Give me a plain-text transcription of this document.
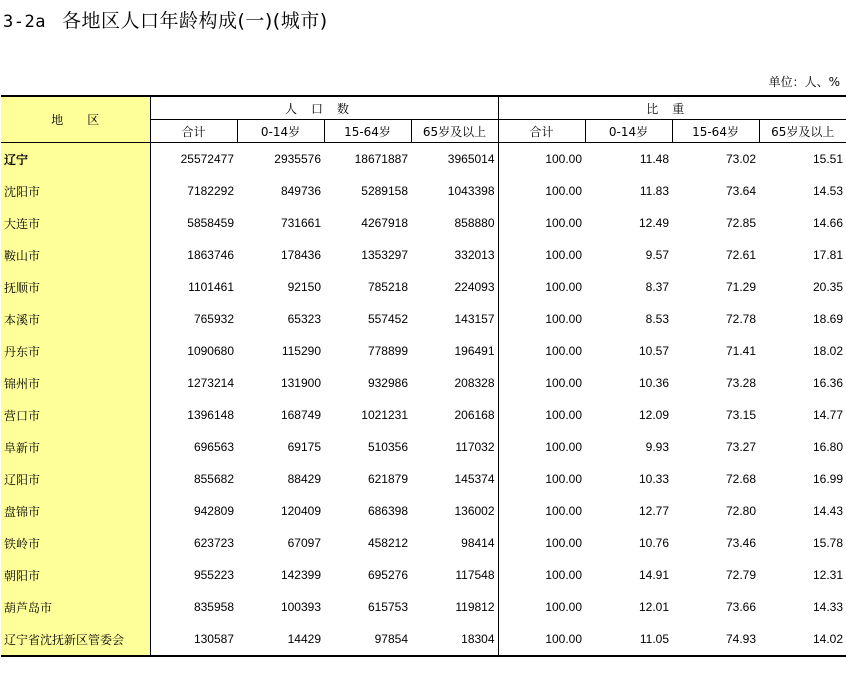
3-2a 各地区人口年龄构成(一)(城市)
单位：人、%
地　　区	人口数				比重			
	合计	0-14岁	15-64岁	65岁及以上	合计	0-14岁	15-64岁	65岁及以上
辽宁	25572477	2935576	18671887	3965014	100.00	11.48	73.02	15.51
沈阳市	7182292	849736	5289158	1043398	100.00	11.83	73.64	14.53
大连市	5858459	731661	4267918	858880	100.00	12.49	72.85	14.66
鞍山市	1863746	178436	1353297	332013	100.00	9.57	72.61	17.81
抚顺市	1101461	92150	785218	224093	100.00	8.37	71.29	20.35
本溪市	765932	65323	557452	143157	100.00	8.53	72.78	18.69
丹东市	1090680	115290	778899	196491	100.00	10.57	71.41	18.02
锦州市	1273214	131900	932986	208328	100.00	10.36	73.28	16.36
营口市	1396148	168749	1021231	206168	100.00	12.09	73.15	14.77
阜新市	696563	69175	510356	117032	100.00	9.93	73.27	16.80
辽阳市	855682	88429	621879	145374	100.00	10.33	72.68	16.99
盘锦市	942809	120409	686398	136002	100.00	12.77	72.80	14.43
铁岭市	623723	67097	458212	98414	100.00	10.76	73.46	15.78
朝阳市	955223	142399	695276	117548	100.00	14.91	72.79	12.31
葫芦岛市	835958	100393	615753	119812	100.00	12.01	73.66	14.33
辽宁省沈抚新区管委会	130587	14429	97854	18304	100.00	11.05	74.93	14.02
